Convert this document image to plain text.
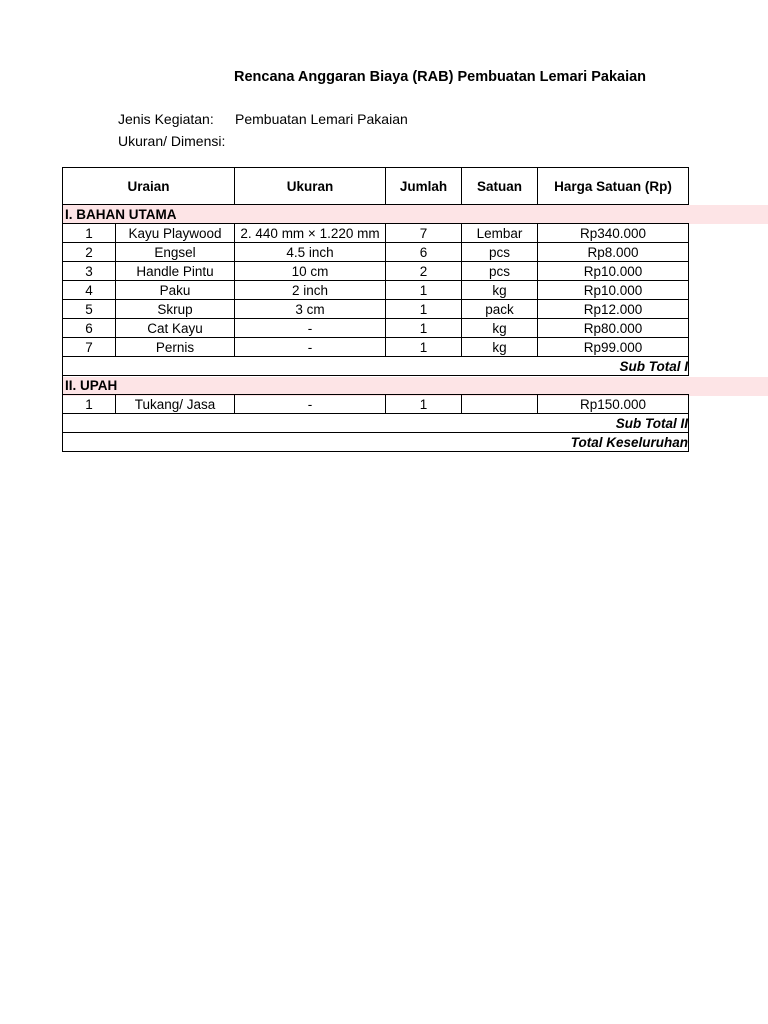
Rencana Anggaran Biaya (RAB) Pembuatan Lemari Pakaian
Jenis Kegiatan: Pembuatan Lemari Pakaian
Ukuran/ Dimensi:
Uraian		Ukuran	Jumlah	Satuan	Harga Satuan (Rp)
I. BAHAN UTAMA					
1	Kayu Playwood	2. 440 mm × 1.220 mm	7	Lembar	Rp340.000
2	Engsel	4.5 inch	6	pcs	Rp8.000
3	Handle Pintu	10 cm	2	pcs	Rp10.000
4	Paku	2 inch	1	kg	Rp10.000
5	Skrup	3 cm	1	pack	Rp12.000
6	Cat Kayu	-	1	kg	Rp80.000
7	Pernis	-	1	kg	Rp99.000
Sub Total I					
II. UPAH					
1	Tukang/ Jasa	-	1		Rp150.000
Sub Total II					
Total Keseluruhan					
